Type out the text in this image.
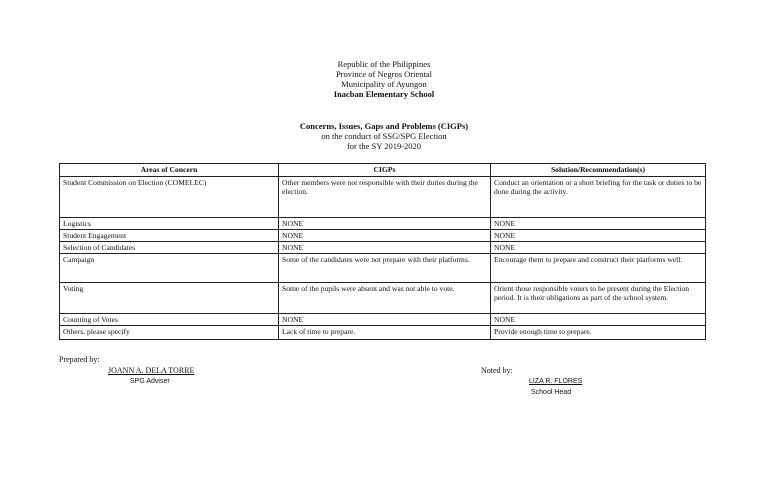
Republic of the Philippines
Province of Negros Oriental
Municipality of Ayungon
Inacban Elementary School
Concerns, Issues, Gaps and Problems (CIGPs)
on the conduct of SSG/SPG Election
for the SY 2019-2020
Areas of Concern	CIGPs	Solution/Recommendation(s)
Student Commission on Election (COMELEC)	Other members were not responsible with their duties during the election.	Conduct an orientation or a short briefing for the task or duties to be done during the activity.
Logistics	NONE	NONE
Student Engagement	NONE	NONE
Selection of Candidates	NONE	NONE
Campaign	Some of the candidates were not prepare with their platforms.	Encourage them to prepare and construct their platforms well.
Voting	Some of the pupils were absent and was not able to vote.	Orient those responsible voters to be present during the Election period. It is their obligations as part of the school system.
Counting of Votes	NONE	NONE
Others, please specify	Lack of time to prepare.	Provide enough time to prepare.
Prepared by:
JOANN A. DELA TORRE
SPG Adviser
Noted by:
LIZA R. FLORES
School Head
